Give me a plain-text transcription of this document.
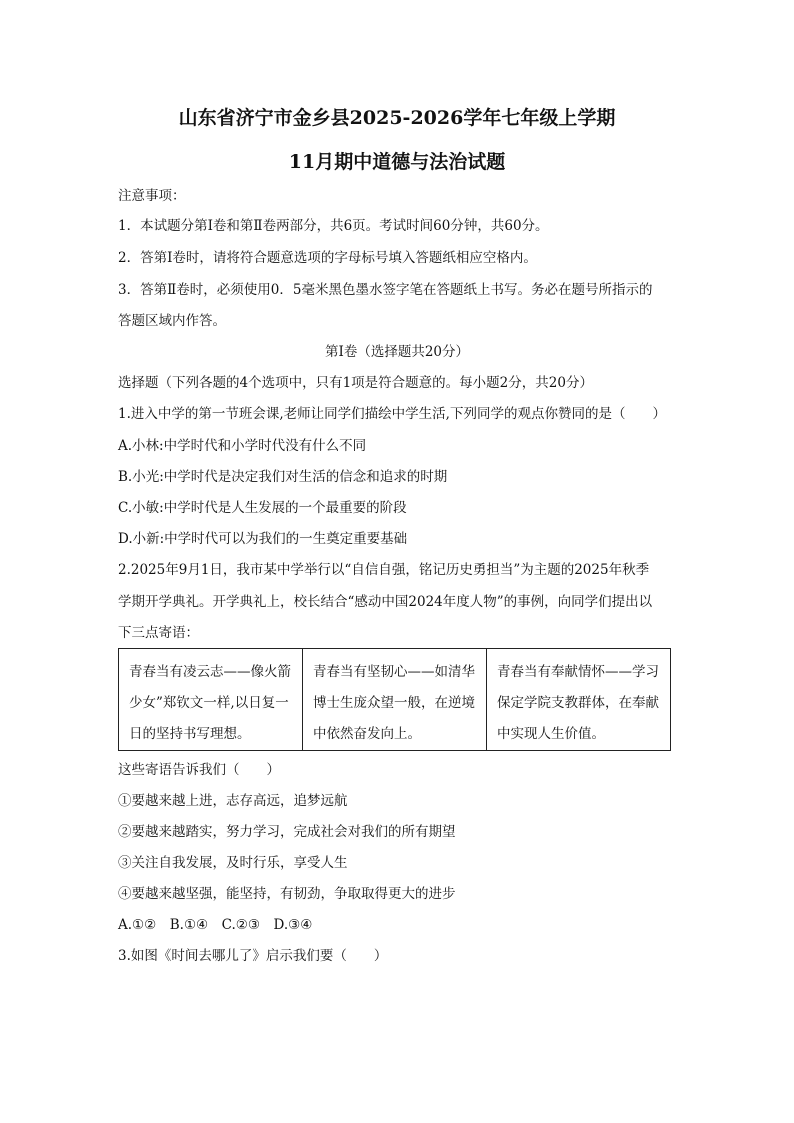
山东省济宁市金乡县2025-2026学年七年级上学期
11月期中道德与法治试题
注意事项：
1．本试题分第Ⅰ卷和第Ⅱ卷两部分，共6页。考试时间60分钟，共60分。
2．答第Ⅰ卷时，请将符合题意选项的字母标号填入答题纸相应空格内。
3．答第Ⅱ卷时，必须使用0．5毫米黑色墨水签字笔在答题纸上书写。务必在题号所指示的
答题区域内作答。
第Ⅰ卷（选择题共20分）
选择题（下列各题的4个选项中，只有1项是符合题意的。每小题2分，共20分）
1.进入中学的第一节班会课,老师让同学们描绘中学生活,下列同学的观点你赞同的是（　　）
A.小林:中学时代和小学时代没有什么不同
B.小光:中学时代是决定我们对生活的信念和追求的时期
C.小敏:中学时代是人生发展的一个最重要的阶段
D.小新:中学时代可以为我们的一生奠定重要基础
2.2025年9月1日，我市某中学举行以“自信自强，铭记历史勇担当”为主题的2025年秋季
学期开学典礼。开学典礼上，校长结合“感动中国2024年度人物”的事例，向同学们提出以
下三点寄语：
青春当有凌云志——像火箭
少女”郑钦文一样,以日复一
日的坚持书写理想。
青春当有坚韧心——如清华
博士生庞众望一般，在逆境
中依然奋发向上。
青春当有奉献情怀——学习
保定学院支教群体，在奉献
中实现人生价值。
这些寄语告诉我们（　　）
①要越来越上进，志存高远，追梦远航
②要越来越踏实，努力学习，完成社会对我们的所有期望
③关注自我发展，及时行乐，享受人生
④要越来越坚强，能坚持，有韧劲，争取取得更大的进步
A.①②　B.①④　C.②③　D.③④
3.如图《时间去哪儿了》启示我们要（　　）
